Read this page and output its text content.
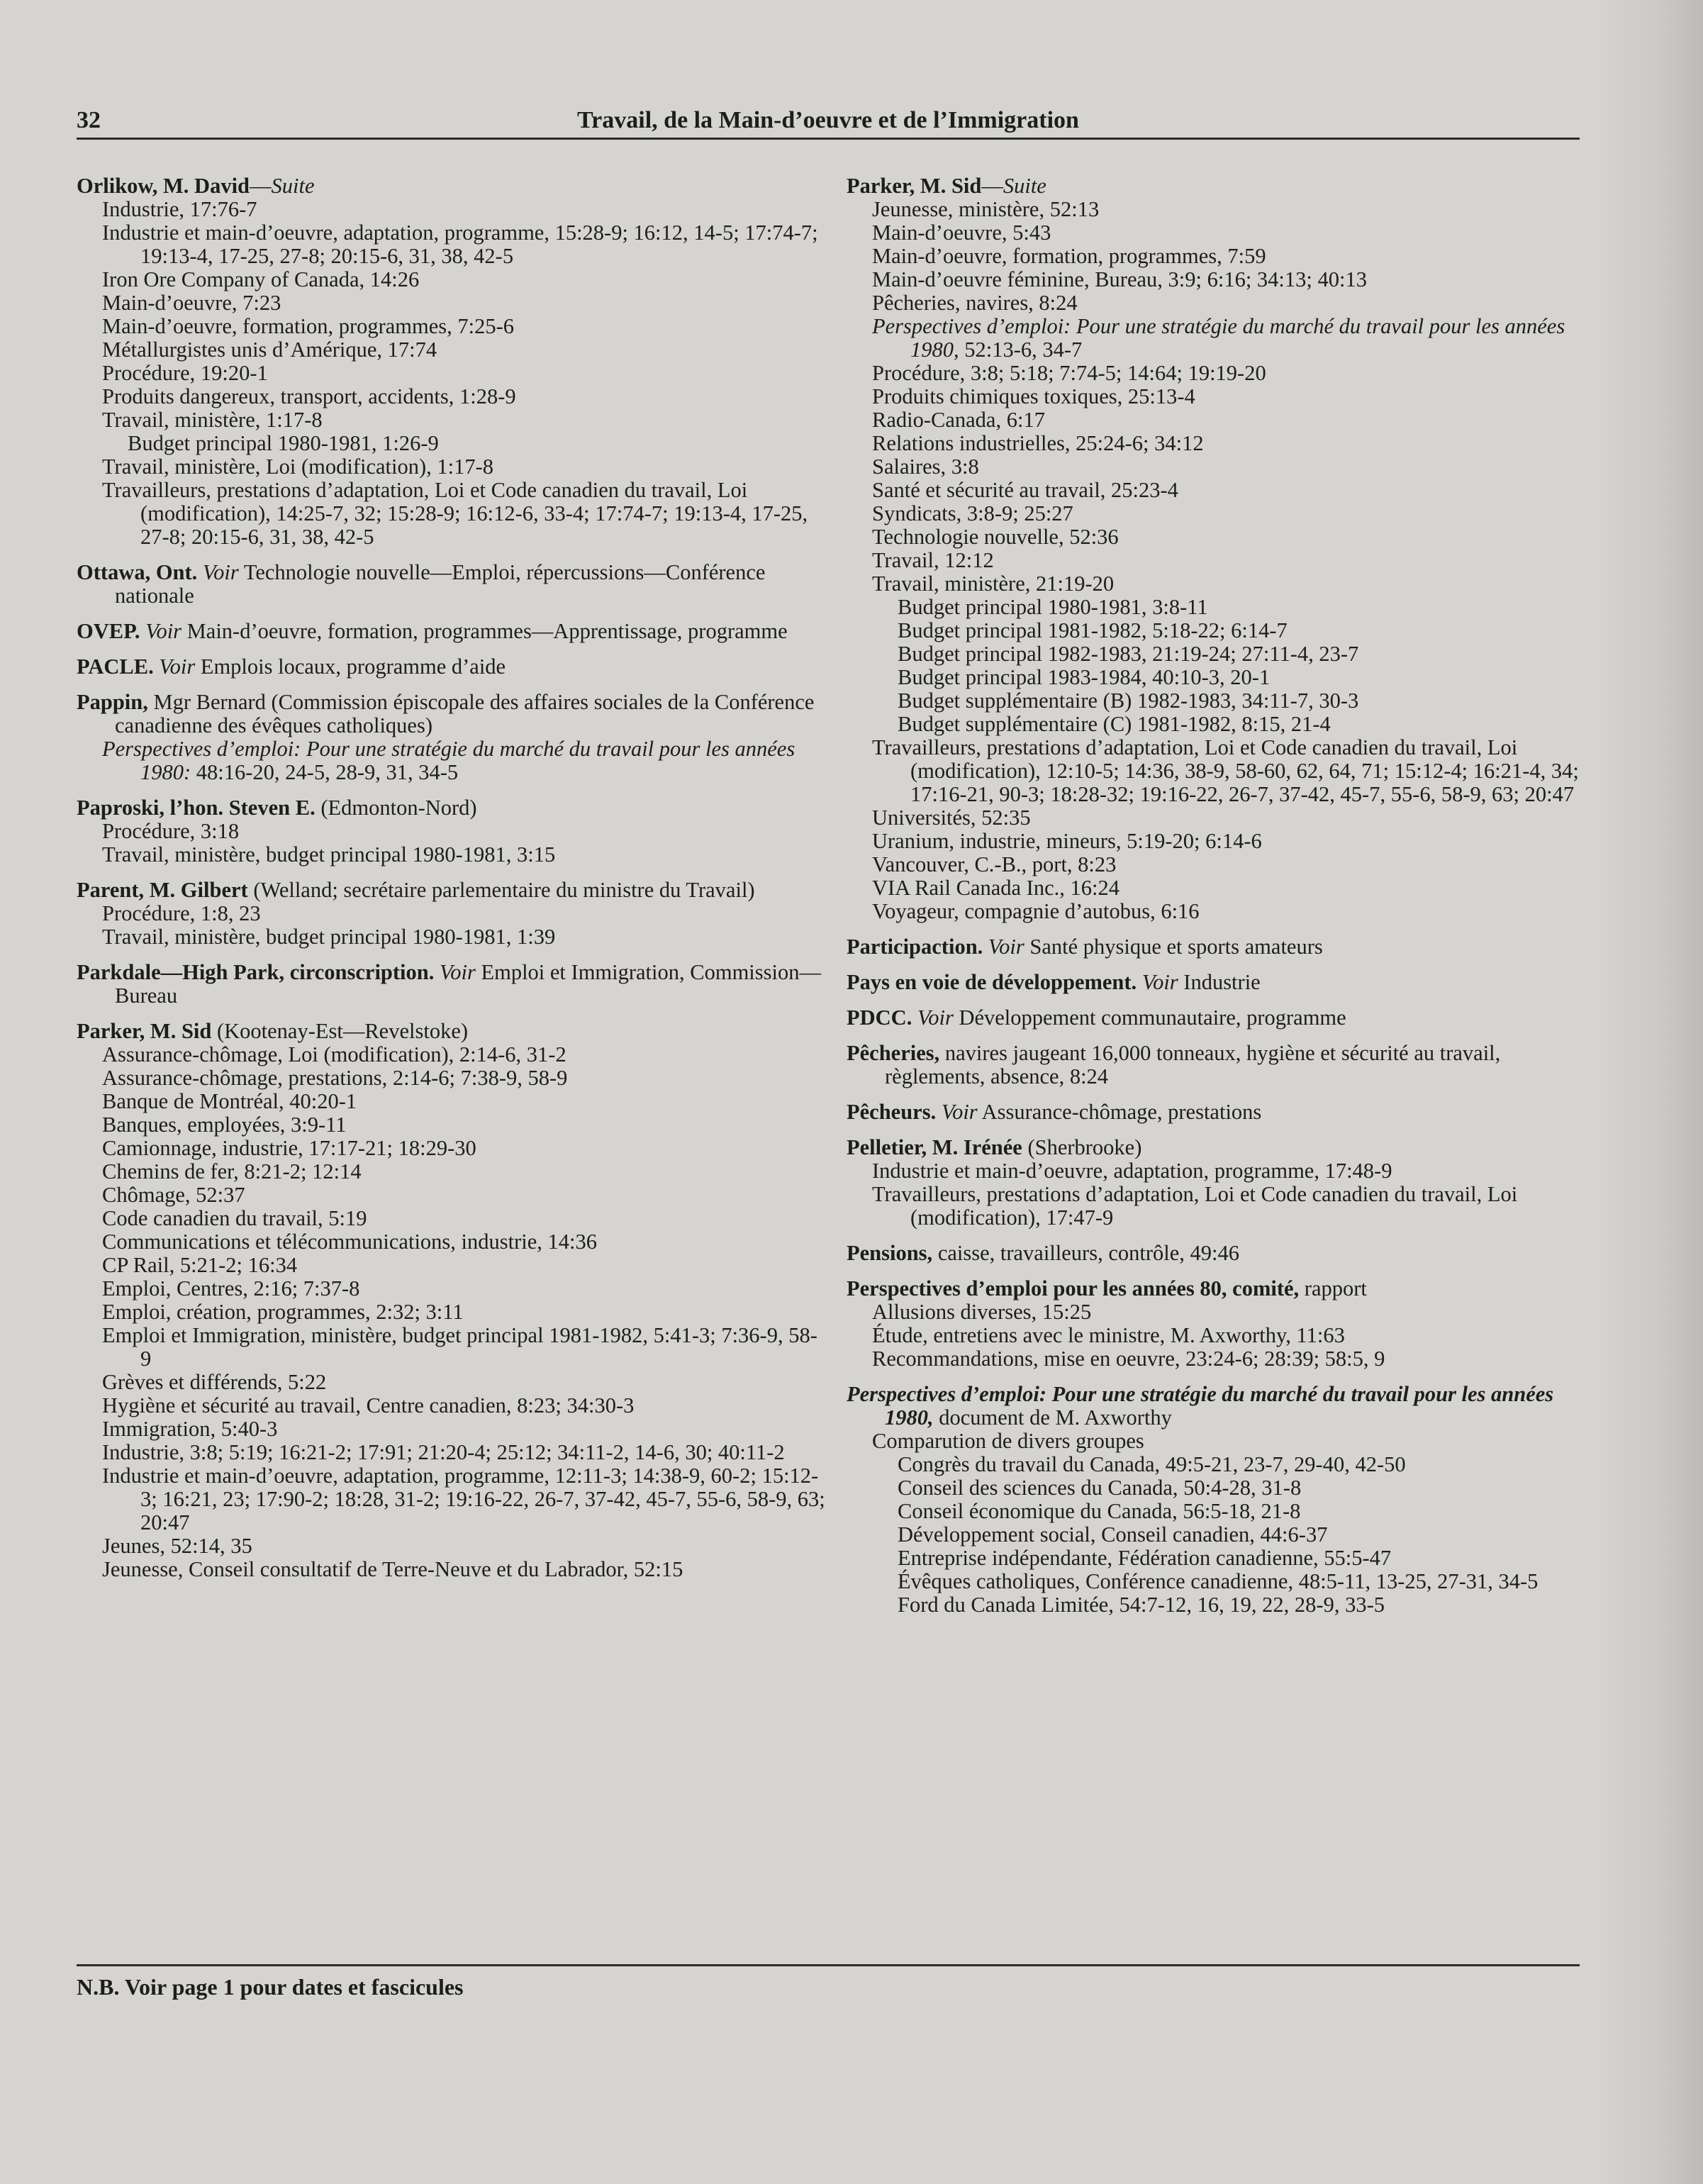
32	Travail, de la Main-d’oeuvre et de l’Immigration
Orlikow, M. David—Suite
Industrie, 17:76-7
Industrie et main-d’oeuvre, adaptation, programme, 15:28-9; 16:12, 14-5; 17:74-7; 19:13-4, 17-25, 27-8; 20:15-6, 31, 38, 42-5
Iron Ore Company of Canada, 14:26
Main-d’oeuvre, 7:23
Main-d’oeuvre, formation, programmes, 7:25-6
Métallurgistes unis d’Amérique, 17:74
Procédure, 19:20-1
Produits dangereux, transport, accidents, 1:28-9
Travail, ministère, 1:17-8
Budget principal 1980-1981, 1:26-9
Travail, ministère, Loi (modification), 1:17-8
Travailleurs, prestations d’adaptation, Loi et Code canadien du travail, Loi (modification), 14:25-7, 32; 15:28-9; 16:12-6, 33-4; 17:74-7; 19:13-4, 17-25, 27-8; 20:15-6, 31, 38, 42-5
Ottawa, Ont. Voir Technologie nouvelle—Emploi, répercussions—Conférence nationale
OVEP. Voir Main-d’oeuvre, formation, programmes—Apprentissage, programme
PACLE. Voir Emplois locaux, programme d’aide
Pappin, Mgr Bernard (Commission épiscopale des affaires sociales de la Conférence canadienne des évêques catholiques)
Perspectives d’emploi: Pour une stratégie du marché du travail pour les années 1980: 48:16-20, 24-5, 28-9, 31, 34-5
Paproski, l’hon. Steven E. (Edmonton-Nord)
Procédure, 3:18
Travail, ministère, budget principal 1980-1981, 3:15
Parent, M. Gilbert (Welland; secrétaire parlementaire du ministre du Travail)
Procédure, 1:8, 23
Travail, ministère, budget principal 1980-1981, 1:39
Parkdale—High Park, circonscription. Voir Emploi et Immigration, Commission—Bureau
Parker, M. Sid (Kootenay-Est—Revelstoke)
Assurance-chômage, Loi (modification), 2:14-6, 31-2
Assurance-chômage, prestations, 2:14-6; 7:38-9, 58-9
Banque de Montréal, 40:20-1
Banques, employées, 3:9-11
Camionnage, industrie, 17:17-21; 18:29-30
Chemins de fer, 8:21-2; 12:14
Chômage, 52:37
Code canadien du travail, 5:19
Communications et télécommunications, industrie, 14:36
CP Rail, 5:21-2; 16:34
Emploi, Centres, 2:16; 7:37-8
Emploi, création, programmes, 2:32; 3:11
Emploi et Immigration, ministère, budget principal 1981-1982, 5:41-3; 7:36-9, 58-9
Grèves et différends, 5:22
Hygiène et sécurité au travail, Centre canadien, 8:23; 34:30-3
Immigration, 5:40-3
Industrie, 3:8; 5:19; 16:21-2; 17:91; 21:20-4; 25:12; 34:11-2, 14-6, 30; 40:11-2
Industrie et main-d’oeuvre, adaptation, programme, 12:11-3; 14:38-9, 60-2; 15:12-3; 16:21, 23; 17:90-2; 18:28, 31-2; 19:16-22, 26-7, 37-42, 45-7, 55-6, 58-9, 63; 20:47
Jeunes, 52:14, 35
Jeunesse, Conseil consultatif de Terre-Neuve et du Labrador, 52:15
Parker, M. Sid—Suite
Jeunesse, ministère, 52:13
Main-d’oeuvre, 5:43
Main-d’oeuvre, formation, programmes, 7:59
Main-d’oeuvre féminine, Bureau, 3:9; 6:16; 34:13; 40:13
Pêcheries, navires, 8:24
Perspectives d’emploi: Pour une stratégie du marché du travail pour les années 1980, 52:13-6, 34-7
Procédure, 3:8; 5:18; 7:74-5; 14:64; 19:19-20
Produits chimiques toxiques, 25:13-4
Radio-Canada, 6:17
Relations industrielles, 25:24-6; 34:12
Salaires, 3:8
Santé et sécurité au travail, 25:23-4
Syndicats, 3:8-9; 25:27
Technologie nouvelle, 52:36
Travail, 12:12
Travail, ministère, 21:19-20
Budget principal 1980-1981, 3:8-11
Budget principal 1981-1982, 5:18-22; 6:14-7
Budget principal 1982-1983, 21:19-24; 27:11-4, 23-7
Budget principal 1983-1984, 40:10-3, 20-1
Budget supplémentaire (B) 1982-1983, 34:11-7, 30-3
Budget supplémentaire (C) 1981-1982, 8:15, 21-4
Travailleurs, prestations d’adaptation, Loi et Code canadien du travail, Loi (modification), 12:10-5; 14:36, 38-9, 58-60, 62, 64, 71; 15:12-4; 16:21-4, 34; 17:16-21, 90-3; 18:28-32; 19:16-22, 26-7, 37-42, 45-7, 55-6, 58-9, 63; 20:47
Universités, 52:35
Uranium, industrie, mineurs, 5:19-20; 6:14-6
Vancouver, C.-B., port, 8:23
VIA Rail Canada Inc., 16:24
Voyageur, compagnie d’autobus, 6:16
Participaction. Voir Santé physique et sports amateurs
Pays en voie de développement. Voir Industrie
PDCC. Voir Développement communautaire, programme
Pêcheries, navires jaugeant 16,000 tonneaux, hygiène et sécurité au travail, règlements, absence, 8:24
Pêcheurs. Voir Assurance-chômage, prestations
Pelletier, M. Irénée (Sherbrooke)
Industrie et main-d’oeuvre, adaptation, programme, 17:48-9
Travailleurs, prestations d’adaptation, Loi et Code canadien du travail, Loi (modification), 17:47-9
Pensions, caisse, travailleurs, contrôle, 49:46
Perspectives d’emploi pour les années 80, comité, rapport
Allusions diverses, 15:25
Étude, entretiens avec le ministre, M. Axworthy, 11:63
Recommandations, mise en oeuvre, 23:24-6; 28:39; 58:5, 9
Perspectives d’emploi: Pour une stratégie du marché du travail pour les années 1980, document de M. Axworthy
Comparution de divers groupes
Congrès du travail du Canada, 49:5-21, 23-7, 29-40, 42-50
Conseil des sciences du Canada, 50:4-28, 31-8
Conseil économique du Canada, 56:5-18, 21-8
Développement social, Conseil canadien, 44:6-37
Entreprise indépendante, Fédération canadienne, 55:5-47
Évêques catholiques, Conférence canadienne, 48:5-11, 13-25, 27-31, 34-5
Ford du Canada Limitée, 54:7-12, 16, 19, 22, 28-9, 33-5
N.B. Voir page 1 pour dates et fascicules
